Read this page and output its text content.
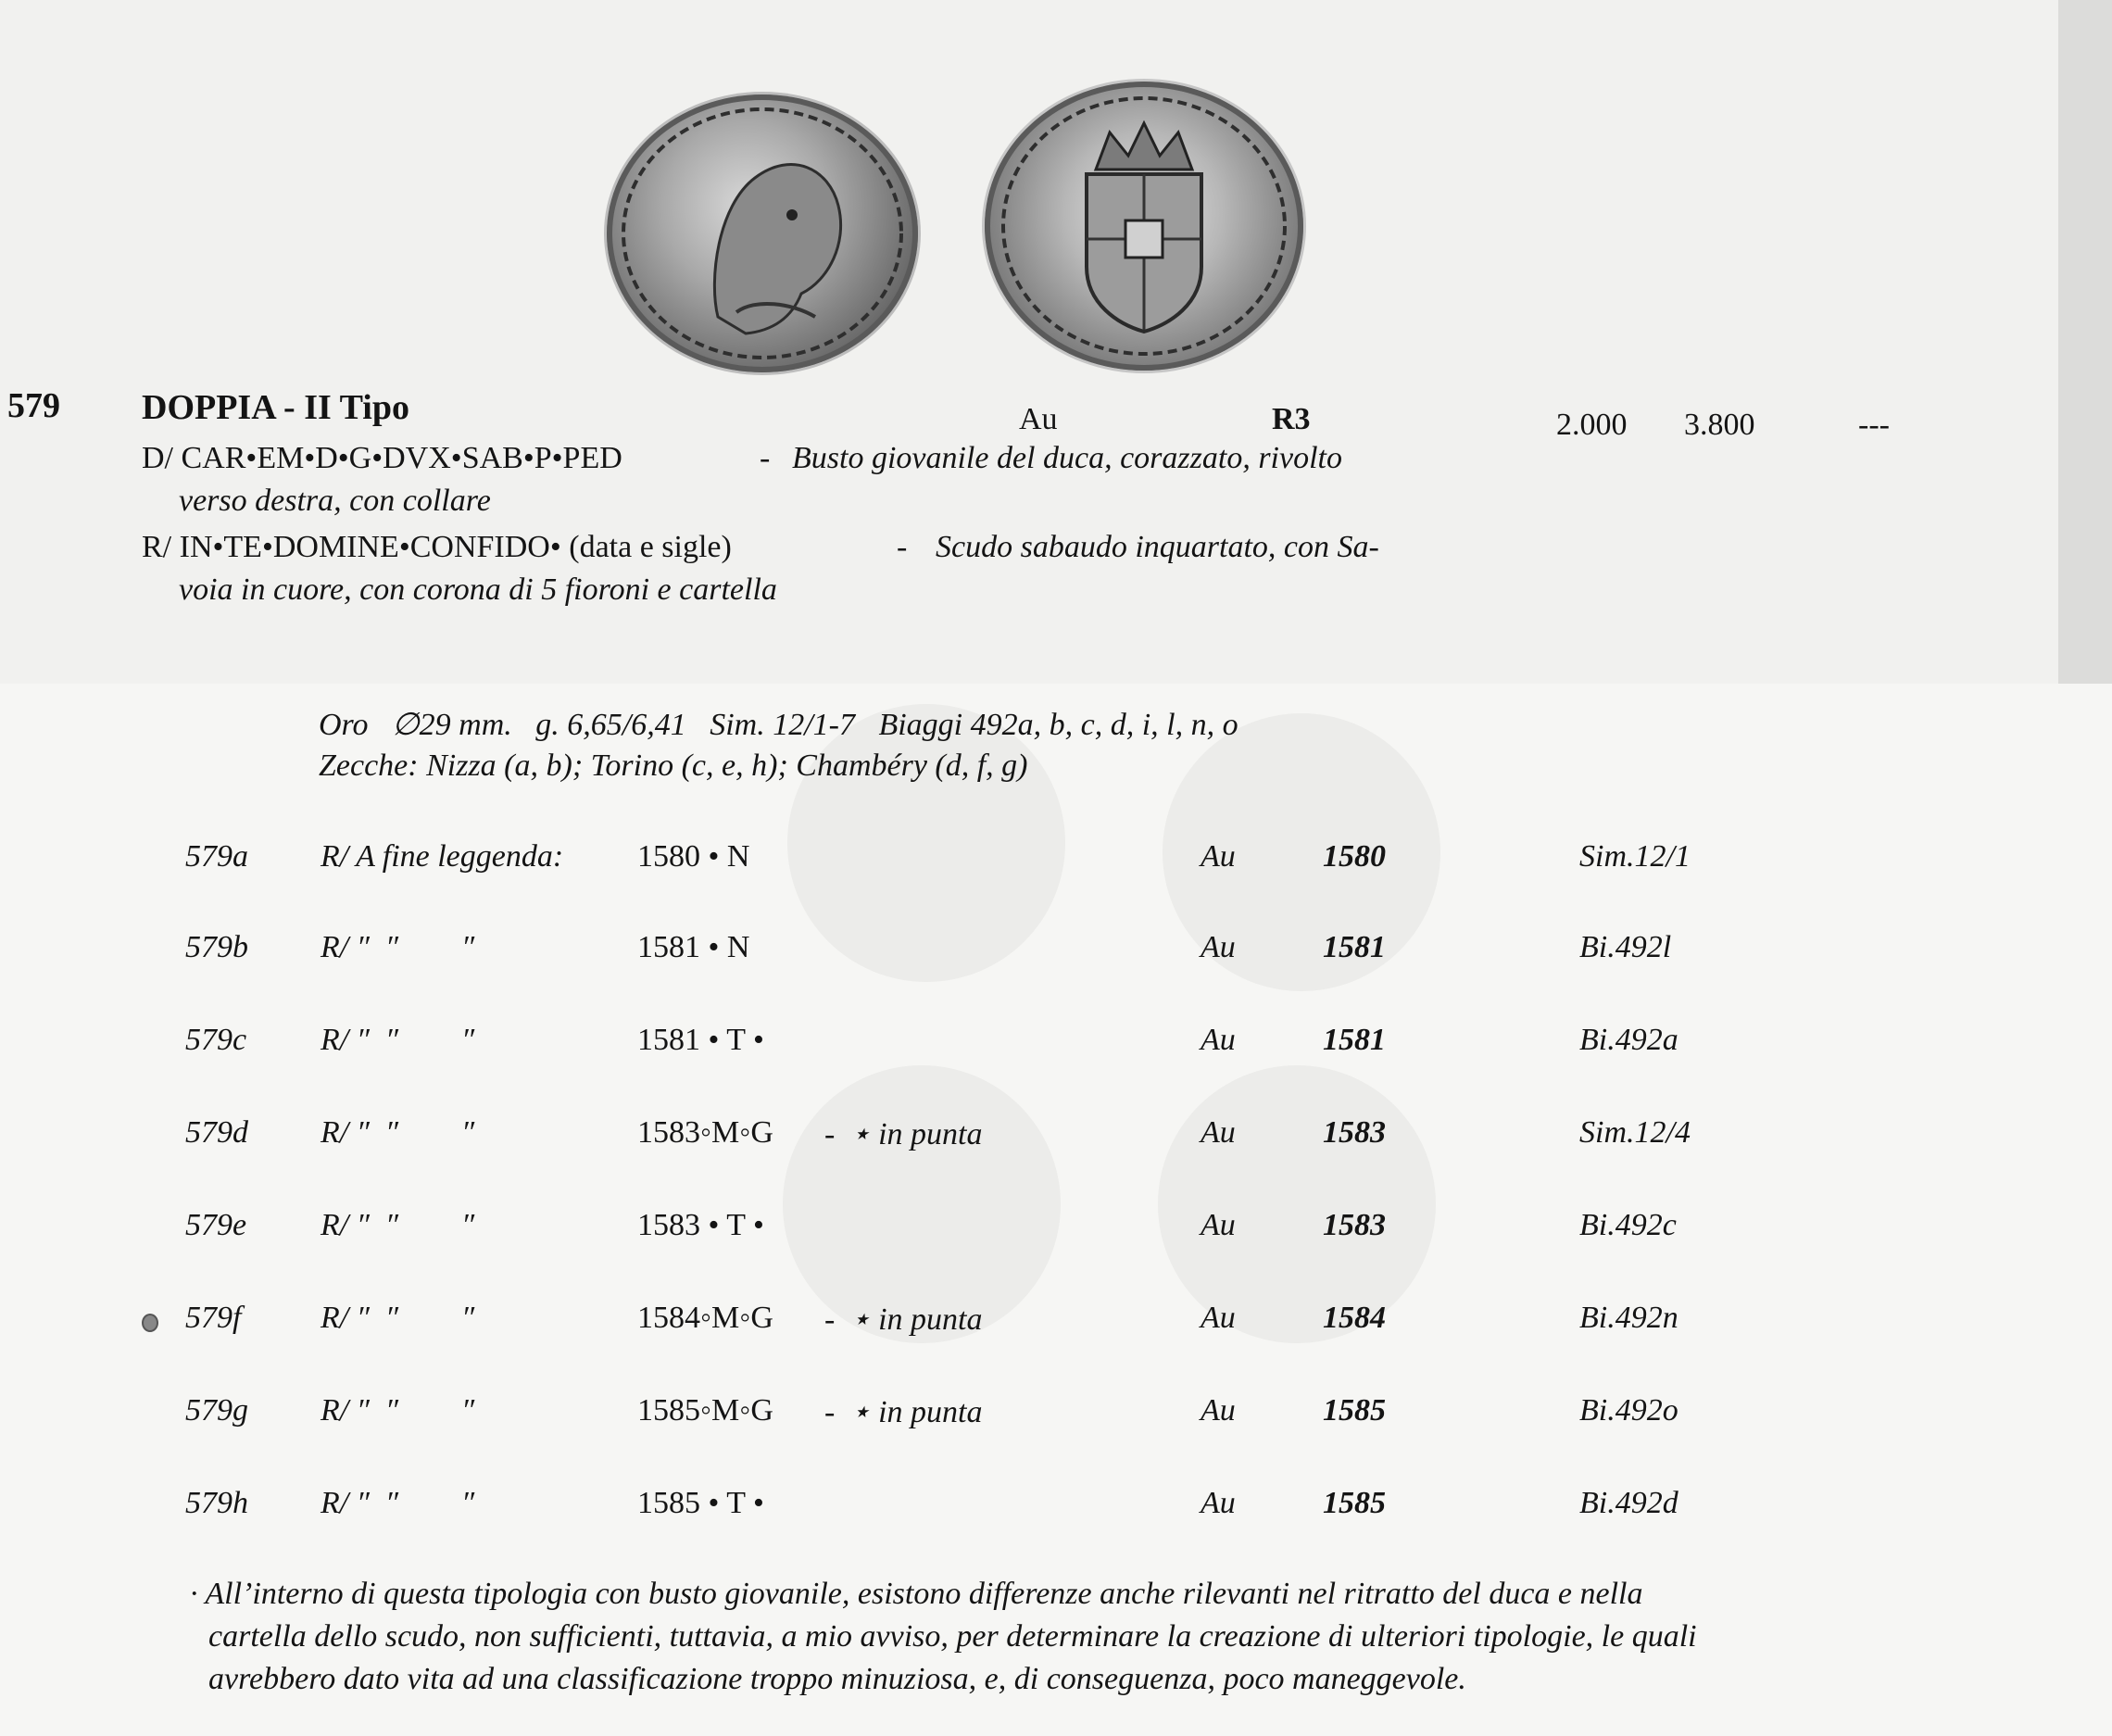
579 DOPPIA - II Tipo	Au	R3	2.000 3.800	---
D/ CAR•EM•D•G•DVX•SAB•P•PED	- Busto giovanile del duca, corazzato, rivolto
verso destra, con collare
R/ IN•TE•DOMINE•CONFIDO• (data e sigle)	- Scudo sabaudo inquartato, con Sa-
voia in cuore, con corona di 5 fioroni e cartella
Oro   ∅29 mm.   g. 6,65/6,41   Sim. 12/1-7   Biaggi 492a, b, c, d, i, l, n, o
Zecche: Nizza (a, b); Torino (c, e, h); Chambéry (d, f, g)
579a R/ A fine leggenda: 1580 • N	Au	1580	Sim.12/1
579b R/ ″  ″        ″	1581 • N	Au	1581	Bi.492l
579c R/ ″  ″        ″	1581 • T •	Au	1581	Bi.492a
579d R/ ″  ″        ″	1583◦M◦G -  ⋆ in punta	Au	1583	Sim.12/4
579e R/ ″  ″        ″	1583 • T •	Au	1583	Bi.492c
579f	R/ ″  ″        ″	1584◦M◦G -  ⋆ in punta	Au	1584	Bi.492n
579g R/ ″  ″        ″	1585◦M◦G -  ⋆ in punta	Au	1585	Bi.492o
579h R/ ″  ″        ″	1585 • T •	Au	1585	Bi.492d
· All’interno di questa tipologia con busto giovanile, esistono differenze anche rilevanti nel ritratto del duca e nella
cartella dello scudo, non sufficienti, tuttavia, a mio avviso, per determinare la creazione di ulteriori tipologie, le quali
avrebbero dato vita ad una classificazione troppo minuziosa, e, di conseguenza, poco maneggevole.
